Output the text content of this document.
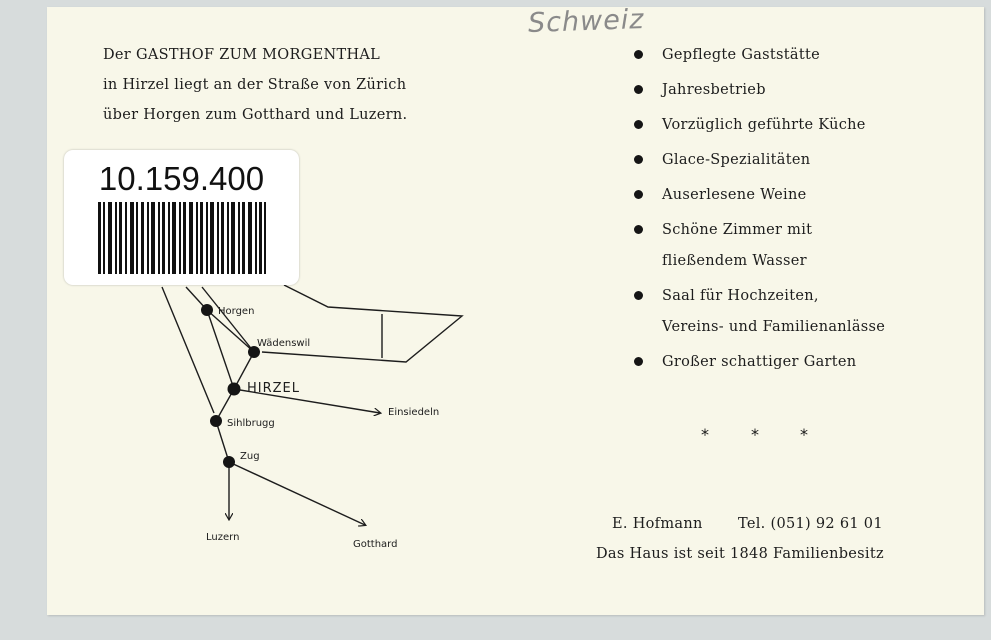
Schweiz
Der GASTHOF ZUM MORGENTHAL
in Hirzel liegt an der Straße von Zürich
über Horgen zum Gotthard und Luzern.
Horgen
Wädenswil
HIRZEL
Einsiedeln
Sihlbrugg
Zug
Luzern
Gotthard
10.159.400
Gepflegte Gaststätte
Jahresbetrieb
Vorzüglich geführte Küche
Glace-Spezialitäten
Auserlesene Weine
Schöne Zimmer mit
fließendem Wasser
Saal für Hochzeiten,
Vereins- und Familienanlässe
Großer schattiger Garten
*	*	*
E. Hofmann Tel. (051) 92 61 01
Das Haus ist seit 1848 Familienbesitz
